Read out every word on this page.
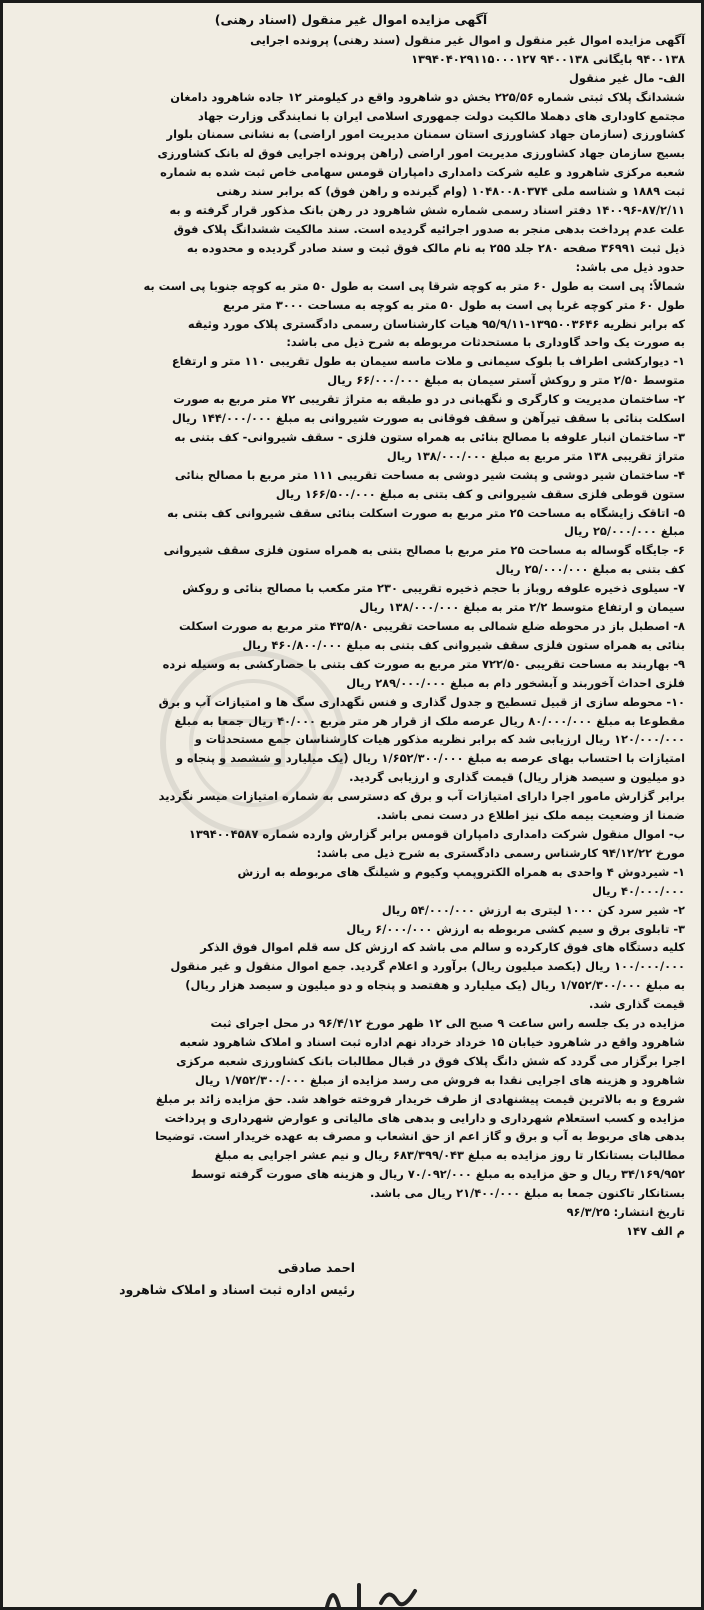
آگهی مزایده اموال غیر منقول (اسناد رهنی)
آگهی مزایده اموال غیر منقول و اموال غیر منقول (سند رهنی) پرونده اجرایی
۹۴۰۰۱۳۸ بایگانی ۹۴۰۰۱۳۸ ۱۳۹۴۰۴۰۲۹۱۱۵۰۰۰۱۲۷
الف- مال غیر منقول
ششدانگ پلاک ثبتی شماره ۲۲۵/۵۶ بخش دو شاهرود واقع در کیلومتر ۱۲ جاده شاهرود دامغان
مجتمع کاوداری های دهملا مالکیت دولت جمهوری اسلامی ایران با نمایندگی وزارت جهاد
کشاورزی (سازمان جهاد کشاورزی استان سمنان مدیریت امور اراضی) به نشانی سمنان بلوار
بسیج سازمان جهاد کشاورزی مدیریت امور اراضی (راهن پرونده اجرایی فوق له بانک کشاورزی
شعبه مرکزی شاهرود و علیه شرکت دامداری دامپاران قومس سهامی خاص ثبت شده به شماره
ثبت ۱۸۸۹ و شناسه ملی ۱۰۴۸۰۰۸۰۳۷۴ (وام گیرنده و راهن فوق) که برابر سند رهنی
۱۴۰۰۹۶-۸۷/۲/۱۱ دفتر اسناد رسمی شماره شش شاهرود در رهن بانک مذکور قرار گرفته و به
علت عدم پرداخت بدهی منجر به صدور اجرائیه گردیده است. سند مالکیت ششدانگ پلاک فوق
ذیل ثبت ۳۶۹۹۱ صفحه ۲۸۰ جلد ۲۵۵ به نام مالک فوق ثبت و سند صادر گردیده و محدوده به
حدود ذیل می باشد:
شمالاً: پی است به طول ۶۰ متر به کوچه شرقا پی است به طول ۵۰ متر به کوچه جنوبا پی است به
طول ۶۰ متر کوچه غربا پی است به طول ۵۰ متر به کوچه به مساحت ۳۰۰۰ متر مربع
که برابر نظریه ۱۳۹۵۰۰۳۶۴۶-۹۵/۹/۱۱ هیات کارشناسان رسمی دادگستری پلاک مورد وثیقه
به صورت یک واحد گاوداری با مستحدثات مربوطه به شرح ذیل می باشد:
۱- دیوارکشی اطراف با بلوک سیمانی و ملات ماسه سیمان به طول تقریبی ۱۱۰ متر و ارتفاع
متوسط ۲/۵۰ متر و روکش آستر سیمان به مبلغ ۶۶/۰۰۰/۰۰۰ ریال
۲- ساختمان مدیریت و کارگری و نگهبانی در دو طبقه به متراژ تقریبی ۷۲ متر مربع به صورت
اسکلت بنائی با سقف تیرآهن و سقف فوقانی به صورت شیروانی به مبلغ ۱۴۴/۰۰۰/۰۰۰ ریال
۳- ساختمان انبار علوفه با مصالح بنائی به همراه ستون فلزی - سقف شیروانی- کف بتنی به
متراژ تقریبی ۱۳۸ متر مربع به مبلغ ۱۳۸/۰۰۰/۰۰۰ ریال
۴- ساختمان شیر دوشی و پشت شیر دوشی به مساحت تقریبی ۱۱۱ متر مربع با مصالح بنائی
ستون قوطی فلزی سقف شیروانی و کف بتنی به مبلغ ۱۶۶/۵۰۰/۰۰۰ ریال
۵- اتاقک زایشگاه به مساحت ۲۵ متر مربع به صورت اسکلت بنائی سقف شیروانی کف بتنی به
مبلغ ۲۵/۰۰۰/۰۰۰ ریال
۶- جایگاه گوساله به مساحت ۲۵ متر مربع با مصالح بتنی به همراه ستون فلزی سقف شیروانی
کف بتنی به مبلغ ۲۵/۰۰۰/۰۰۰ ریال
۷- سیلوی ذخیره علوفه روباز با حجم ذخیره تقریبی ۲۳۰ متر مکعب با مصالح بنائی و روکش
سیمان و ارتفاع متوسط ۲/۲ متر به مبلغ ۱۳۸/۰۰۰/۰۰۰ ریال
۸- اصطبل باز در محوطه ضلع شمالی به مساحت تقریبی ۴۳۵/۸۰ متر مربع به صورت اسکلت
بنائی به همراه ستون فلزی سقف شیروانی کف بتنی به مبلغ ۴۶۰/۸۰۰/۰۰۰ ریال
۹- بهاربند به مساحت تقریبی ۷۲۲/۵۰ متر مربع به صورت کف بتنی با حصارکشی به وسیله نرده
فلزی احداث آخوربند و آبشخور دام به مبلغ ۲۸۹/۰۰۰/۰۰۰ ریال
۱۰- محوطه سازی از قبیل تسطیح و جدول گذاری و فنس نگهداری سگ ها و امتیازات آب و برق
مقطوعا به مبلغ ۸۰/۰۰۰/۰۰۰ ریال عرصه ملک از قرار هر متر مربع ۴۰/۰۰۰ ریال جمعا به مبلغ
۱۲۰/۰۰۰/۰۰۰ ریال ارزیابی شد که برابر نظریه مذکور هیات کارشناسان جمع مستحدثات و
امتیازات با احتساب بهای عرصه به مبلغ ۱/۶۵۲/۳۰۰/۰۰۰ ریال (یک میلیارد و ششصد و پنجاه و
دو میلیون و سیصد هزار ریال) قیمت گذاری و ارزیابی گردید.
برابر گزارش مامور اجرا دارای امتیازات آب و برق که دسترسی به شماره امتیازات میسر نگردید
ضمنا از وضعیت بیمه ملک نیز اطلاع در دست نمی باشد.
ب- اموال منقول شرکت دامداری دامپاران قومس برابر گزارش وارده شماره ۱۳۹۴۰۰۴۵۸۷
مورخ ۹۴/۱۲/۲۲ کارشناس رسمی دادگستری به شرح ذیل می باشد:
۱- شیردوش ۴ واحدی به همراه الکتروپمپ وکیوم و شیلنگ های مربوطه به ارزش
۴۰/۰۰۰/۰۰۰ ریال
۲- شیر سرد کن ۱۰۰۰ لیتری به ارزش ۵۴/۰۰۰/۰۰۰ ریال
۳- تابلوی برق و سیم کشی مربوطه به ارزش ۶/۰۰۰/۰۰۰ ریال
کلیه دستگاه های فوق کارکرده و سالم می باشد که ارزش کل سه قلم اموال فوق الذکر
۱۰۰/۰۰۰/۰۰۰ ریال (یکصد میلیون ریال) برآورد و اعلام گردید. جمع اموال منقول و غیر منقول
به مبلغ ۱/۷۵۲/۳۰۰/۰۰۰ ریال (یک میلیارد و هفتصد و پنجاه و دو میلیون و سیصد هزار ریال)
قیمت گذاری شد.
مزایده در یک جلسه راس ساعت ۹ صبح الی ۱۲ ظهر مورخ ۹۶/۴/۱۲ در محل اجرای ثبت
شاهرود واقع در شاهرود خیابان ۱۵ خرداد خرداد نهم اداره ثبت اسناد و املاک شاهرود شعبه
اجرا برگزار می گردد که شش دانگ پلاک فوق در قبال مطالبات بانک کشاورزی شعبه مرکزی
شاهرود و هزینه های اجرایی نقدا به فروش می رسد مزایده از مبلغ ۱/۷۵۲/۳۰۰/۰۰۰ ریال
شروع و به بالاترین قیمت پیشنهادی از طرف خریدار فروخته خواهد شد. حق مزایده زائد بر مبلغ
مزایده و کسب استعلام شهرداری و دارایی و بدهی های مالیاتی و عوارض شهرداری و پرداخت
بدهی های مربوط به آب و برق و گاز اعم از حق انشعاب و مصرف به عهده خریدار است. توضیحا
مطالبات بستانکار تا روز مزایده به مبلغ ۶۸۳/۳۹۹/۰۴۳ ریال و نیم عشر اجرایی به مبلغ
۳۴/۱۶۹/۹۵۲ ریال و حق مزایده به مبلغ ۷۰/۰۹۲/۰۰۰ ریال و هزینه های صورت گرفته توسط
بستانکار تاکنون جمعا به مبلغ ۲۱/۴۰۰/۰۰۰ ریال می باشد.
تاریخ انتشار: ۹۶/۳/۲۵
م الف ۱۴۷
احمد صادقی
رئیس اداره ثبت اسناد و املاک شاهرود
